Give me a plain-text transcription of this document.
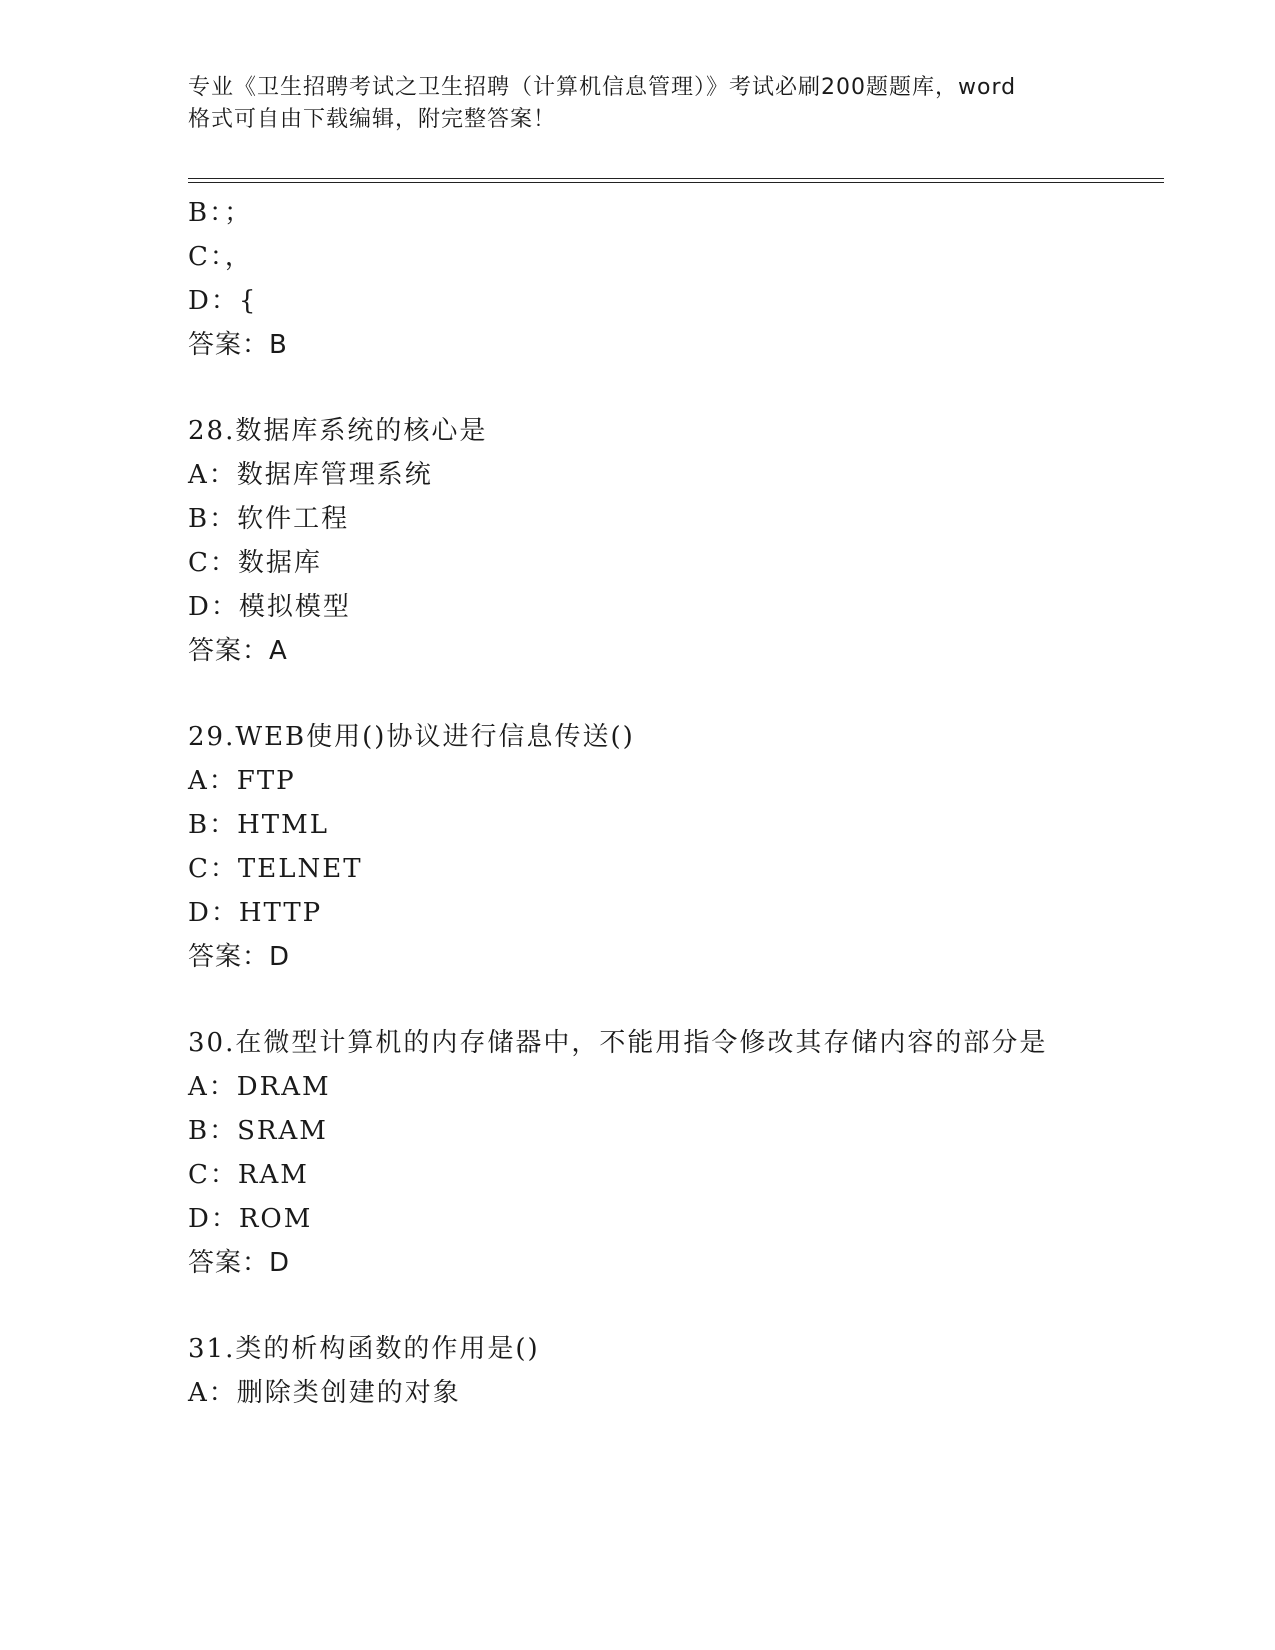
专业《卫生招聘考试之卫生招聘（计算机信息管理）》考试必刷200题题库，word
格式可自由下载编辑，附完整答案！
B：；
C：，
D：{
答案：B
28.数据库系统的核心是
A：数据库管理系统
B：软件工程
C：数据库
D：模拟模型
答案：A
29.WEB使用()协议进行信息传送()
A：FTP
B：HTML
C：TELNET
D：HTTP
答案：D
30.在微型计算机的内存储器中，不能用指令修改其存储内容的部分是
A：DRAM
B：SRAM
C：RAM
D：ROM
答案：D
31.类的析构函数的作用是()
A：删除类创建的对象
